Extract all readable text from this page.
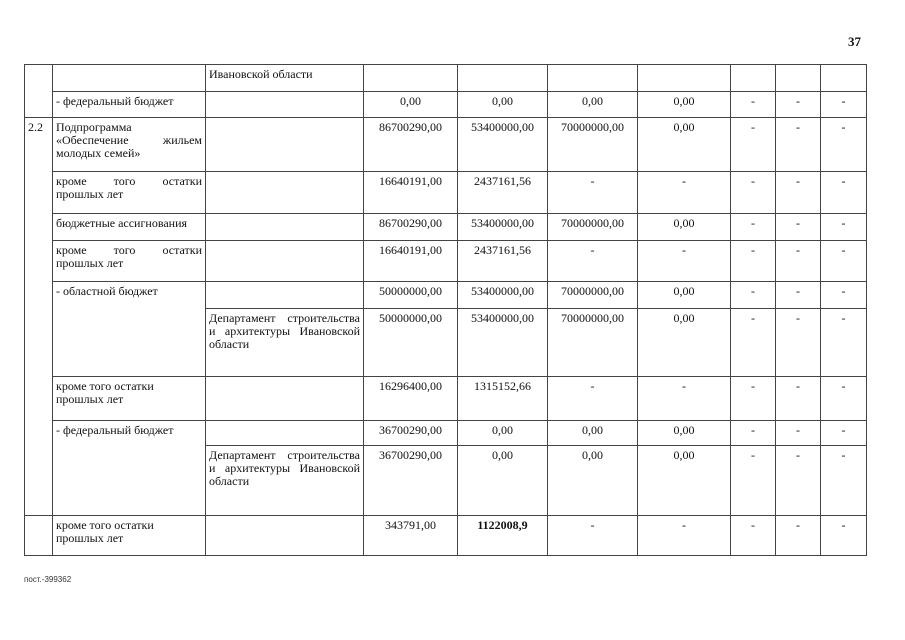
37
		Ивановской области							
	- федеральный бюджет		0,00	0,00	0,00	0,00	-	-	-
2.2	Подпрограмма «Обеспечение жильем молодых семей»		86700290,00	53400000,00	70000000,00	0,00	-	-	-
	кроме того остатки прошлых лет		16640191,00	2437161,56	-	-	-	-	-
	бюджетные ассигнования		86700290,00	53400000,00	70000000,00	0,00	-	-	-
	кроме того остатки прошлых лет		16640191,00	2437161,56	-	-	-	-	-
	- областной бюджет		50000000,00	53400000,00	70000000,00	0,00	-	-	-
		Департамент строительства и архитектуры Ивановской области	50000000,00	53400000,00	70000000,00	0,00	-	-	-
	кроме того остатки прошлых лет		16296400,00	1315152,66	-	-	-	-	-
	- федеральный бюджет		36700290,00	0,00	0,00	0,00	-	-	-
		Департамент строительства и архитектуры Ивановской области	36700290,00	0,00	0,00	0,00	-	-	-
	кроме того остатки прошлых лет		343791,00	1122008,9	-	-	-	-	-
пост.-399362
